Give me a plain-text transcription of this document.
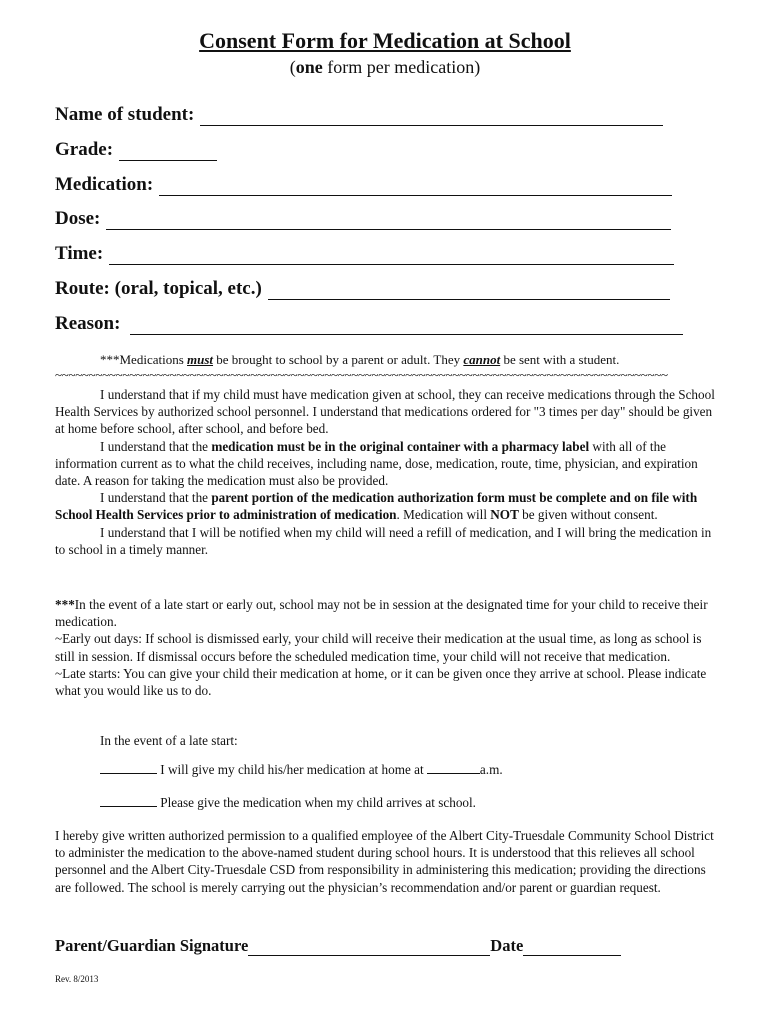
Consent Form for Medication at School
(one form per medication)
Name of student:
Grade:
Medication:
Dose:
Time:
Route: (oral, topical, etc.)
Reason:
***Medications must be brought to school by a parent or adult. They cannot be sent with a student.
~~~~~~~~~~~~~~~~~~~~~~~~~~~~~~~~~~~~~~~~~~~~~~~~~~~~~~~~~~~~~~~~~~~~~~~~~~~~~~~~~~~~~~~~~~~

I understand that if my child must have medication given at school, they can receive medications through the School Health Services by authorized school personnel. I understand that medications ordered for "3 times per day" should be given at home before school, after school, and before bed.

I understand that the medication must be in the original container with a pharmacy label with all of the information current as to what the child receives, including name, dose, medication, route, time, physician, and expiration date. A reason for taking the medication must also be provided.

I understand that the parent portion of the medication authorization form must be complete and on file with School Health Services prior to administration of medication. Medication will NOT be given without consent.

I understand that I will be notified when my child will need a refill of medication, and I will bring the medication in to school in a timely manner.

***In the event of a late start or early out, school may not be in session at the designated time for your child to receive their medication.

~Early out days: If school is dismissed early, your child will receive their medication at the usual time, as long as school is still in session. If dismissal occurs before the scheduled medication time, your child will not receive that medication.

~Late starts: You can give your child their medication at home, or it can be given once they arrive at school. Please indicate what you would like us to do.

In the event of a late start:
I will give my child his/her medication at home at	a.m.
Please give the medication when my child arrives at school.

I hereby give written authorized permission to a qualified employee of the Albert City-Truesdale Community School District to administer the medication to the above-named student during school hours. It is understood that this relieves all school personnel and the Albert City-Truesdale CSD from responsibility in administering this medication; providing the directions are followed. The school is merely carrying out the physician’s recommendation and/or parent or guardian request.

Parent/Guardian Signature	Date
Rev. 8/2013
